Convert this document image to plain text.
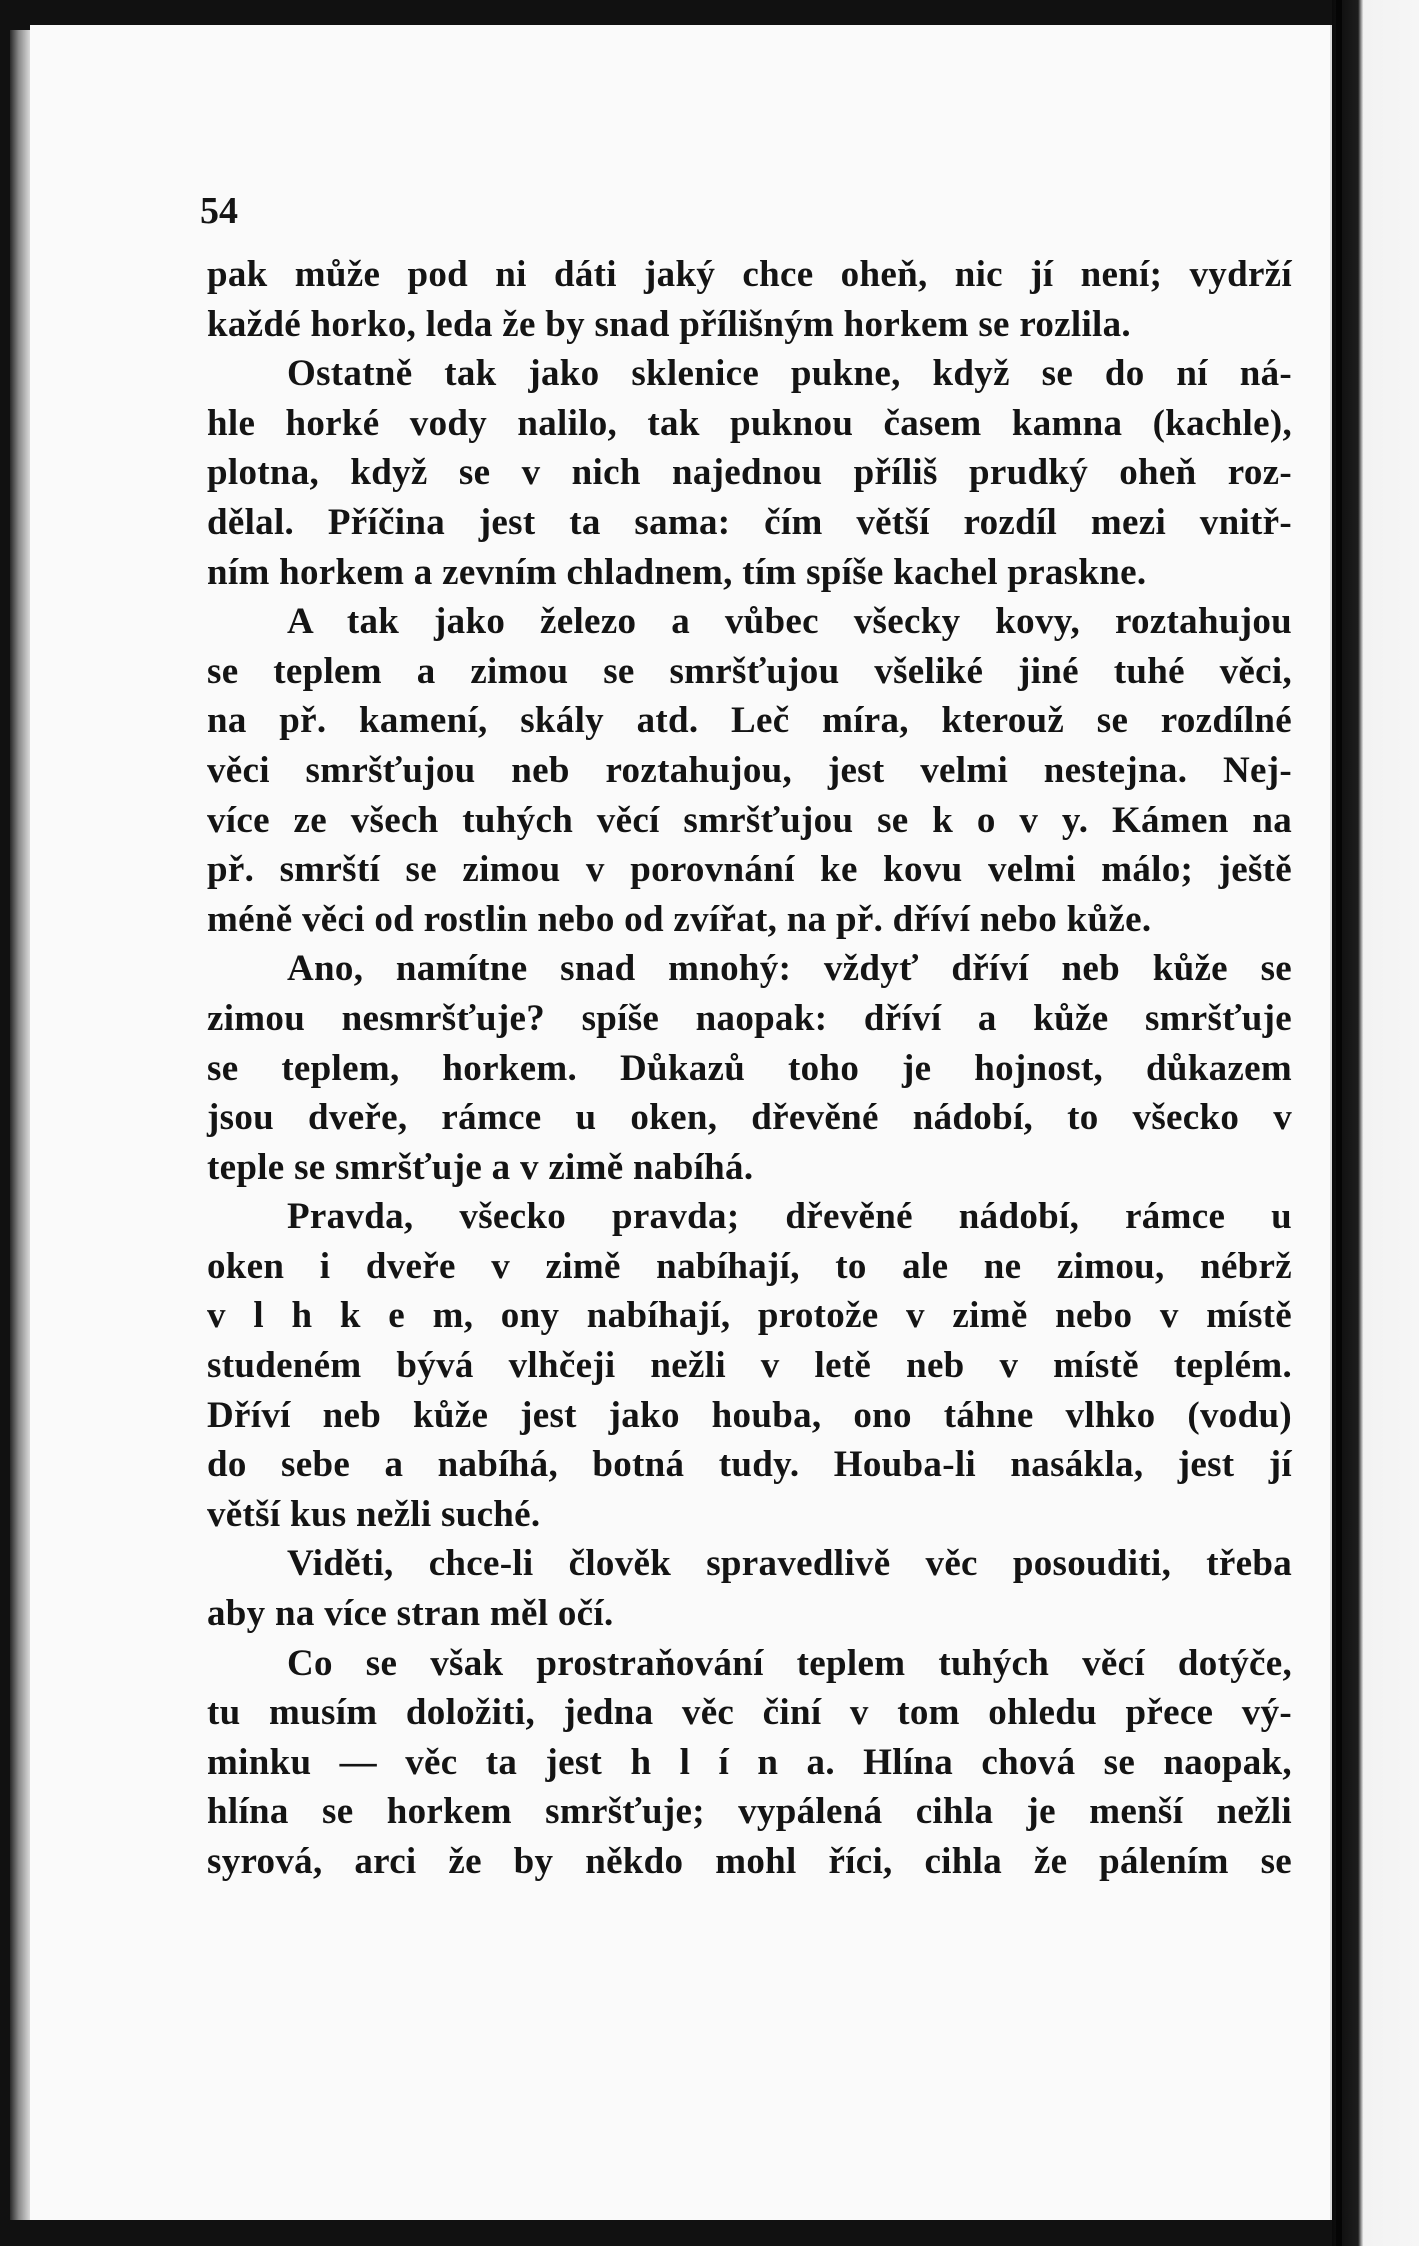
54

pak může pod ni dáti jaký chce oheň, nic jí není; vydrží
každé horko, leda že by snad přílišným horkem se rozlila.
Ostatně tak jako sklenice pukne, když se do ní ná-
hle horké vody nalilo, tak puknou časem kamna (kachle),
plotna, když se v nich najednou příliš prudký oheň roz-
dělal. Příčina jest ta sama: čím větší rozdíl mezi vnitř-
ním horkem a zevním chladnem, tím spíše kachel praskne.
A tak jako železo a vůbec všecky kovy, roztahujou
se teplem a zimou se smršťujou všeliké jiné tuhé věci,
na př. kamení, skály atd. Leč míra, kterouž se rozdílné
věci smršťujou neb roztahujou, jest velmi nestejna. Nej-
více ze všech tuhých věcí smršťujou se k o v y. Kámen na
př. smrští se zimou v porovnání ke kovu velmi málo; ještě
méně věci od rostlin nebo od zvířat, na př. dříví nebo kůže.
Ano, namítne snad mnohý: vždyť dříví neb kůže se
zimou nesmršťuje? spíše naopak: dříví a kůže smršťuje
se teplem, horkem. Důkazů toho je hojnost, důkazem
jsou dveře, rámce u oken, dřevěné nádobí, to všecko v
teple se smršťuje a v zimě nabíhá.
Pravda, všecko pravda; dřevěné nádobí, rámce u
oken i dveře v zimě nabíhají, to ale ne zimou, nébrž
v l h k e m, ony nabíhají, protože v zimě nebo v místě
studeném bývá vlhčeji nežli v letě neb v místě teplém.
Dříví neb kůže jest jako houba, ono táhne vlhko (vodu)
do sebe a nabíhá, botná tudy. Houba-li nasákla, jest jí
větší kus nežli suché.
Viděti, chce-li člověk spravedlivě věc posouditi, třeba
aby na více stran měl očí.
Co se však prostraňování teplem tuhých věcí dotýče,
tu musím doložiti, jedna věc činí v tom ohledu přece vý-
minku — věc ta jest h l í n a. Hlína chová se naopak,
hlína se horkem smršťuje; vypálená cihla je menší nežli
syrová, arci že by někdo mohl říci, cihla že pálením se
